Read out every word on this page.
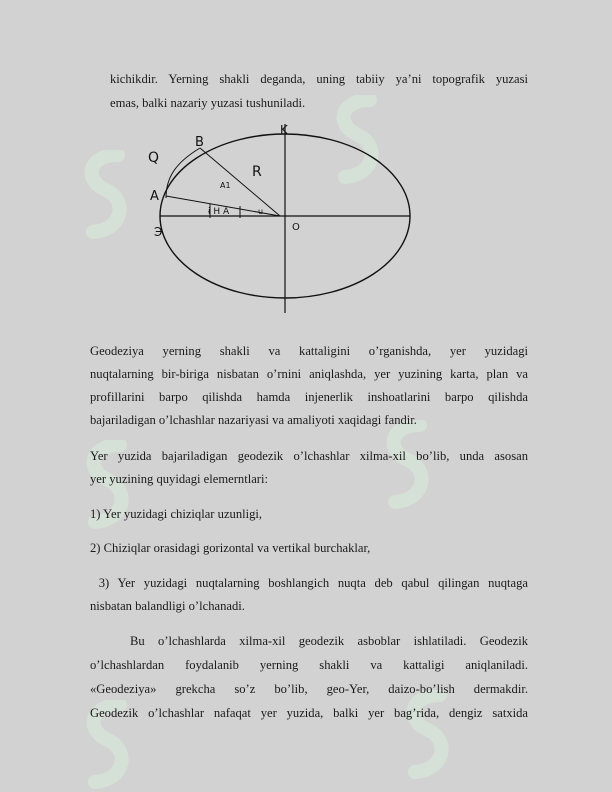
kichikdir. Yerning shakli deganda, uning tabiiy ya’ni topografik yuzasi
emas, balki nazariy yuzasi tushuniladi.
K
B
R
A
Э	O
Q
A1
ɨ H A	u
Geodeziya yerning shakli va kattaligini o’rganishda, yer yuzidagi
nuqtalarning bir-biriga nisbatan o’rnini aniqlashda, yer yuzining karta, plan va
profillarini barpo qilishda hamda injenerlik inshoatlarini barpo qilishda
bajariladigan o’lchashlar nazariyasi va amaliyoti xaqidagi fandir.
Yer yuzida bajariladigan geodezik o’lchashlar xilma-xil bo’lib, unda asosan
yer yuzining quyidagi elemerntlari:
1) Yer yuzidagi chiziqlar uzunligi,
2) Chiziqlar orasidagi gorizontal va vertikal burchaklar,
3) Yer yuzidagi nuqtalarning boshlangich nuqta deb qabul qilingan nuqtaga
nisbatan balandligi o’lchanadi.
Bu o’lchashlarda xilma-xil geodezik asboblar ishlatiladi. Geodezik
o’lchashlardan foydalanib yerning shakli va kattaligi aniqlaniladi.
«Geodeziya» grekcha so’z bo’lib, geo-Yer, daizo-bo’lish dermakdir.
Geodezik o’lchashlar nafaqat yer yuzida, balki yer bag’rida, dengiz satxida
